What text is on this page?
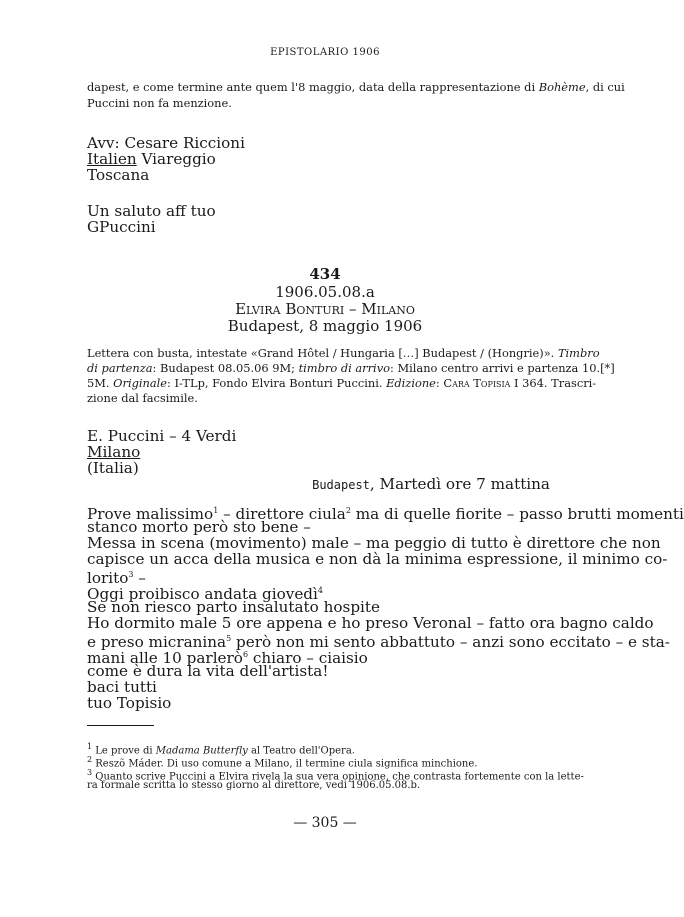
EPISTOLARIO 1906
dapest, e come termine ante quem l'8 maggio, data della rappresentazione di Bohème, di cui
Puccini non fa menzione.
Avv: Cesare Riccioni
Italien Viareggio
Toscana
Un saluto aff tuo
GPuccini
434
1906.05.08.a
Elvira Bonturi – Milano
Budapest, 8 maggio 1906
Lettera con busta, intestate «Grand Hôtel / Hungaria […] Budapest / (Hongrie)». Timbro
di partenza: Budapest 08.05.06 9M; timbro di arrivo: Milano centro arrivi e partenza 10.[*]
5M. Originale: I-TLp, Fondo Elvira Bonturi Puccini. Edizione: Cara Topisia I 364. Trascri-
zione dal facsimile.
E. Puccini – 4 Verdi
Milano
(Italia)
Budapest, Martedì ore 7 mattina
Prove malissimo$^1$ – direttore ciula$^2$ ma di quelle fiorite – passo brutti momenti
stanco morto però sto bene –
Messa in scena (movimento) male – ma peggio di tutto è direttore che non
capisce un acca della musica e non dà la minima espressione, il minimo co-
lorito$^3$ –
Oggi proibisco andata giovedì$^4$
Se non riesco parto insalutato hospite
Ho dormito male 5 ore appena e ho preso Veronal – fatto ora bagno caldo
e preso micranina$^5$ però non mi sento abbattuto – anzi sono eccitato – e sta-
mani alle 10 parlerò$^6$ chiaro – ciaisio
come è dura la vita dell'artista!
baci tutti
tuo Topisio
$^1$ Le prove di Madama Butterfly al Teatro dell'Opera.
$^2$ Reszõ Máder. Di uso comune a Milano, il termine ciula significa minchione.
$^3$ Quanto scrive Puccini a Elvira rivela la sua vera opinione, che contrasta fortemente con la lette-
ra formale scritta lo stesso giorno al direttore, vedi 1906.05.08.b.
— 305 —
